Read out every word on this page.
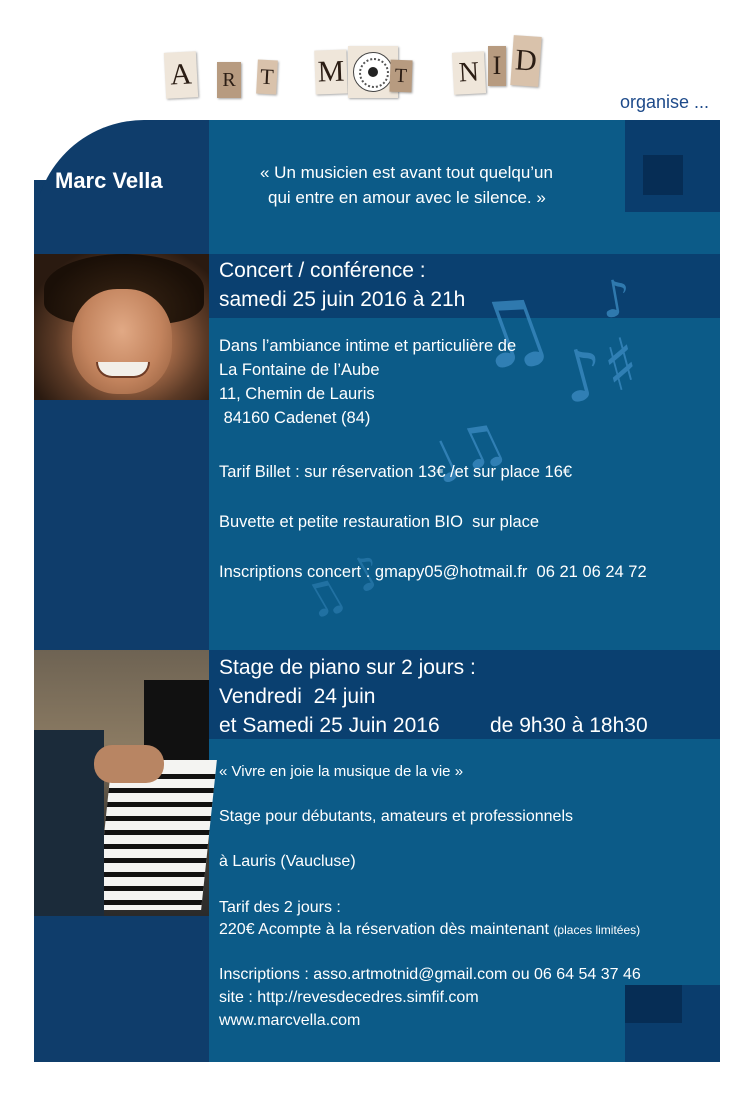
A R T M T N I D
organise ...
♫
♪♯
♩♫
♪
♫ ♪
Marc Vella	« Un musicien est avant tout quelqu’un
qui entre en amour avec le silence. »
Concert / conférence :
samedi 25 juin 2016 à 21h
Dans l’ambiance intime et particulière de
La Fontaine de l’Aube
11, Chemin de Lauris
84160 Cadenet (84)
Tarif Billet : sur réservation 13€ /et sur place 16€
Buvette et petite restauration BIO  sur place
Inscriptions concert : gmapy05@hotmail.fr  06 21 06 24 72
Stage de piano sur 2 jours :
Vendredi  24 juin
et Samedi 25 Juin 2016 de 9h30 à 18h30
« Vivre en joie la musique de la vie »
Stage pour débutants, amateurs et professionnels
à Lauris (Vaucluse)
Tarif des 2 jours :
220€ Acompte à la réservation dès maintenant (places limitées)
Inscriptions : asso.artmotnid@gmail.com ou 06 64 54 37 46
site : http://revesdecedres.simfif.com
www.marcvella.com
